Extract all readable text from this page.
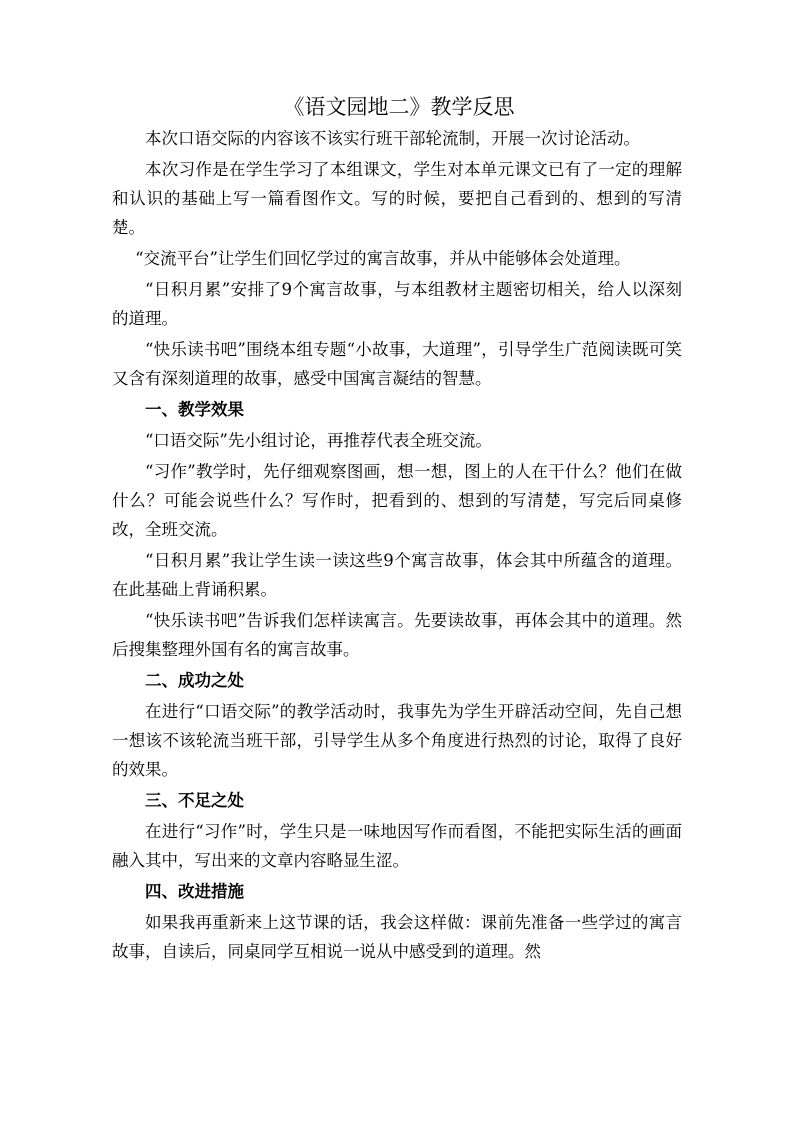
《语文园地二》教学反思

本次口语交际的内容该不该实行班干部轮流制，开展一次讨论活动。

本次习作是在学生学习了本组课文，学生对本单元课文已有了一定的理解和认识的基础上写一篇看图作文。写的时候，要把自己看到的、想到的写清楚。

“交流平台”让学生们回忆学过的寓言故事，并从中能够体会处道理。

“日积月累”安排了9个寓言故事，与本组教材主题密切相关，给人以深刻的道理。

“快乐读书吧”围绕本组专题“小故事，大道理”，引导学生广范阅读既可笑又含有深刻道理的故事，感受中国寓言凝结的智慧。

一、教学效果

“口语交际”先小组讨论，再推荐代表全班交流。

“习作”教学时，先仔细观察图画，想一想，图上的人在干什么？他们在做什么？可能会说些什么？写作时，把看到的、想到的写清楚，写完后同桌修改，全班交流。

“日积月累”我让学生读一读这些9个寓言故事，体会其中所蕴含的道理。在此基础上背诵积累。

“快乐读书吧”告诉我们怎样读寓言。先要读故事，再体会其中的道理。然后搜集整理外国有名的寓言故事。

二、成功之处

在进行“口语交际”的教学活动时，我事先为学生开辟活动空间，先自己想一想该不该轮流当班干部，引导学生从多个角度进行热烈的讨论，取得了良好的效果。

三、不足之处

在进行“习作”时，学生只是一味地因写作而看图，不能把实际生活的画面融入其中，写出来的文章内容略显生涩。

四、改进措施

如果我再重新来上这节课的话，我会这样做：课前先准备一些学过的寓言故事，自读后，同桌同学互相说一说从中感受到的道理。然
